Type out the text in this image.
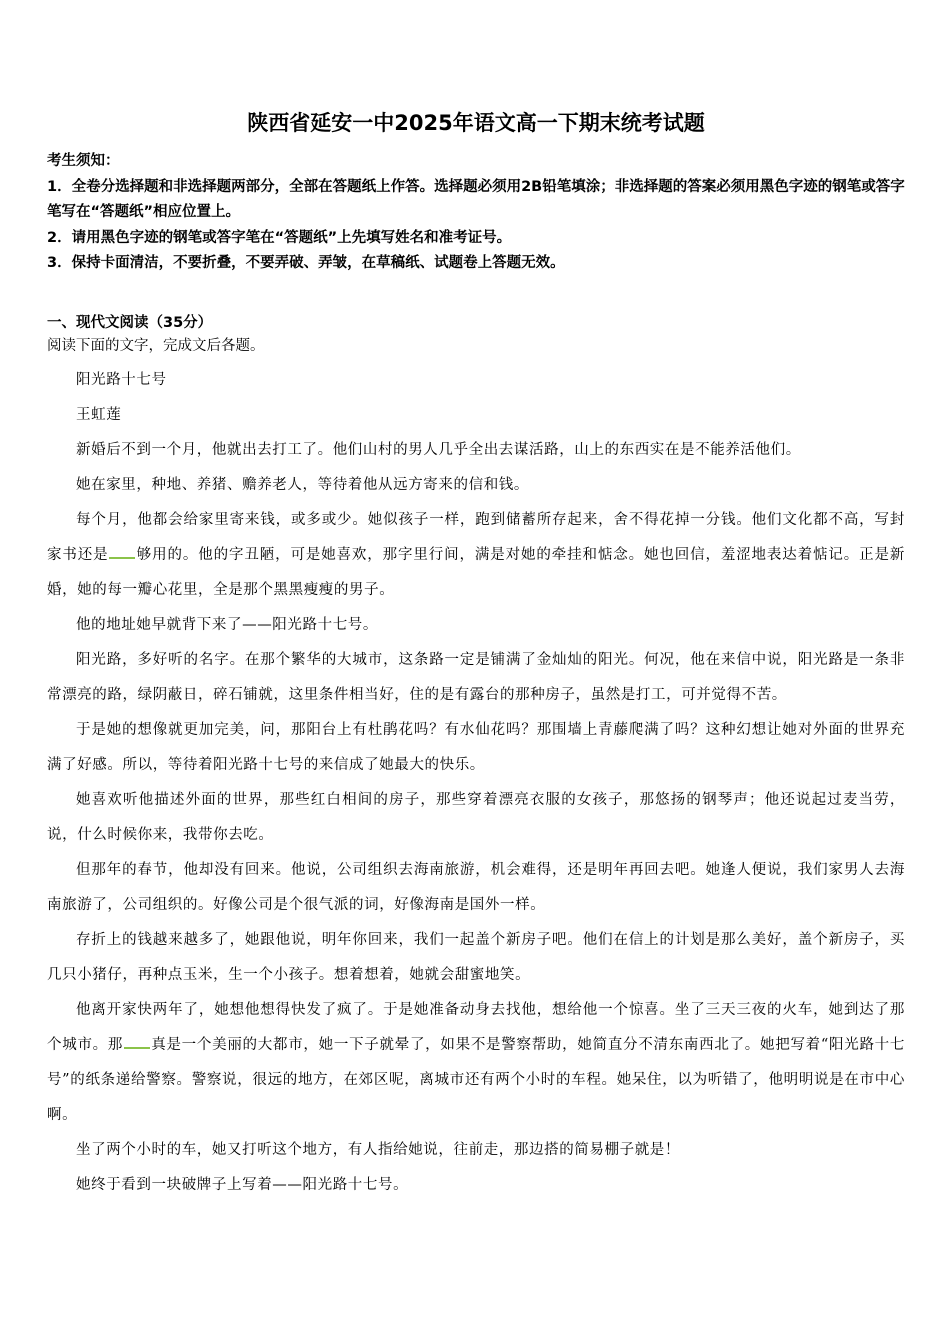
陕西省延安一中2025年语文高一下期末统考试题

考生须知：

1．全卷分选择题和非选择题两部分，全部在答题纸上作答。选择题必须用2B铅笔填涂；非选择题的答案必须用黑色字迹的钢笔或答字笔写在“答题纸”相应位置上。

2．请用黑色字迹的钢笔或答字笔在“答题纸”上先填写姓名和准考证号。

3．保持卡面清洁，不要折叠，不要弄破、弄皱，在草稿纸、试题卷上答题无效。

一、现代文阅读（35分）

阅读下面的文字，完成文后各题。

阳光路十七号

王虹莲

新婚后不到一个月，他就出去打工了。他们山村的男人几乎全出去谋活路，山上的东西实在是不能养活他们。

她在家里，种地、养猪、赡养老人，等待着他从远方寄来的信和钱。

每个月，他都会给家里寄来钱，或多或少。她似孩子一样，跑到储蓄所存起来，舍不得花掉一分钱。他们文化都不高，写封家书还是 够用的。他的字丑陋，可是她喜欢，那字里行间，满是对她的牵挂和惦念。她也回信，羞涩地表达着惦记。正是新婚，她的每一瓣心花里，全是那个黑黑瘦瘦的男子。

他的地址她早就背下来了——阳光路十七号。

阳光路，多好听的名字。在那个繁华的大城市，这条路一定是铺满了金灿灿的阳光。何况，他在来信中说，阳光路是一条非常漂亮的路，绿阴蔽日，碎石铺就，这里条件相当好，住的是有露台的那种房子，虽然是打工，可并觉得不苦。

于是她的想像就更加完美，问，那阳台上有杜鹃花吗？有水仙花吗？那围墙上青藤爬满了吗？这种幻想让她对外面的世界充满了好感。所以，等待着阳光路十七号的来信成了她最大的快乐。

她喜欢听他描述外面的世界，那些红白相间的房子，那些穿着漂亮衣服的女孩子，那悠扬的钢琴声；他还说起过麦当劳，说，什么时候你来，我带你去吃。

但那年的春节，他却没有回来。他说，公司组织去海南旅游，机会难得，还是明年再回去吧。她逢人便说，我们家男人去海南旅游了，公司组织的。好像公司是个很气派的词，好像海南是国外一样。

存折上的钱越来越多了，她跟他说，明年你回来，我们一起盖个新房子吧。他们在信上的计划是那么美好，盖个新房子，买几只小猪仔，再种点玉米，生一个小孩子。想着想着，她就会甜蜜地笑。

他离开家快两年了，她想他想得快发了疯了。于是她准备动身去找他，想给他一个惊喜。坐了三天三夜的火车，她到达了那个城市。那 真是一个美丽的大都市，她一下子就晕了，如果不是警察帮助，她简直分不清东南西北了。她把写着“阳光路十七号”的纸条递给警察。警察说，很远的地方，在郊区呢，离城市还有两个小时的车程。她呆住，以为听错了，他明明说是在市中心啊。

坐了两个小时的车，她又打听这个地方，有人指给她说，往前走，那边搭的简易棚子就是！

她终于看到一块破牌子上写着——阳光路十七号。
